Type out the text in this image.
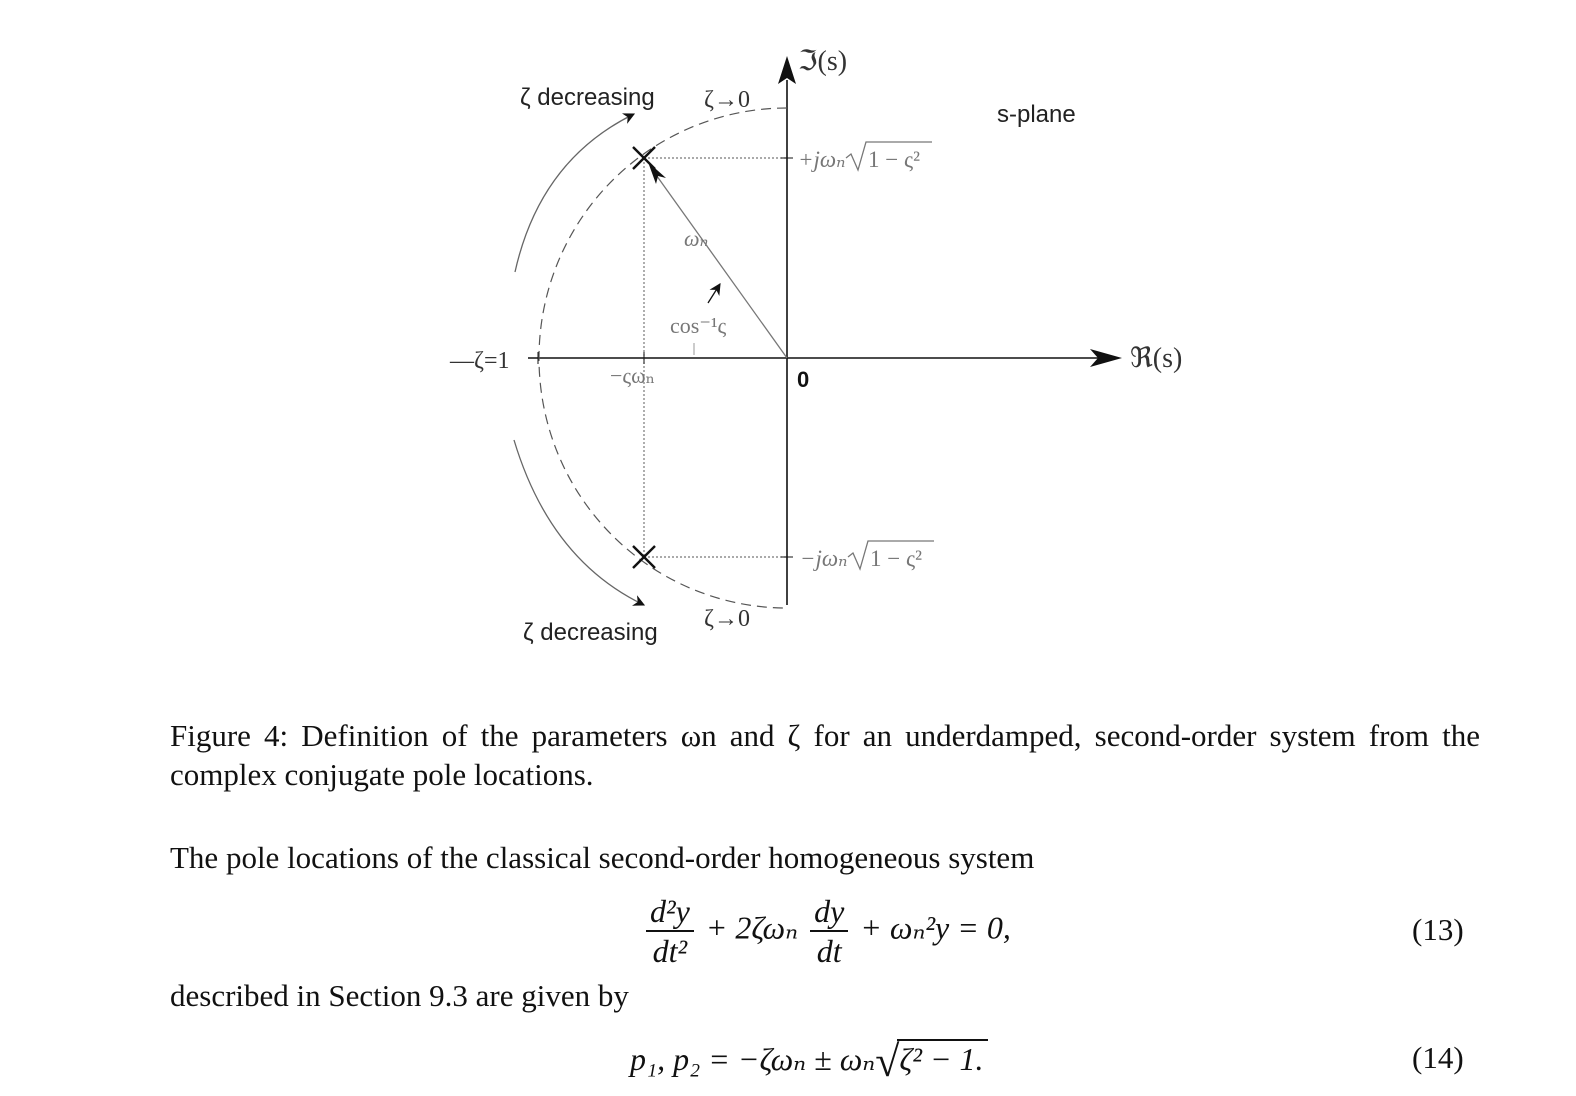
ℑ(s)
ℜ(s)
s-plane
ζ decreasing
ζ decreasing
ζ→0
ζ→0
—ζ=1
+jωₙ 1 − ς²
−jωₙ 1 − ς²
ωₙ
cos⁻¹ς
−ςωₙ	0
Figure 4: Definition of the parameters ωn and ζ for an underdamped, second-order system from the complex conjugate pole locations.
The pole locations of the classical second-order homogeneous system
$\frac{\text{d²y}}{\text{dt²}} + 2\zeta\omega_n \frac{dy}{dt} + \omega_n^2y = 0$,	(13)
described in Section 9.3 are given by
p₁, p₂ = −ζωₙ ± ωₙ√ζ² − 1.	(14)
